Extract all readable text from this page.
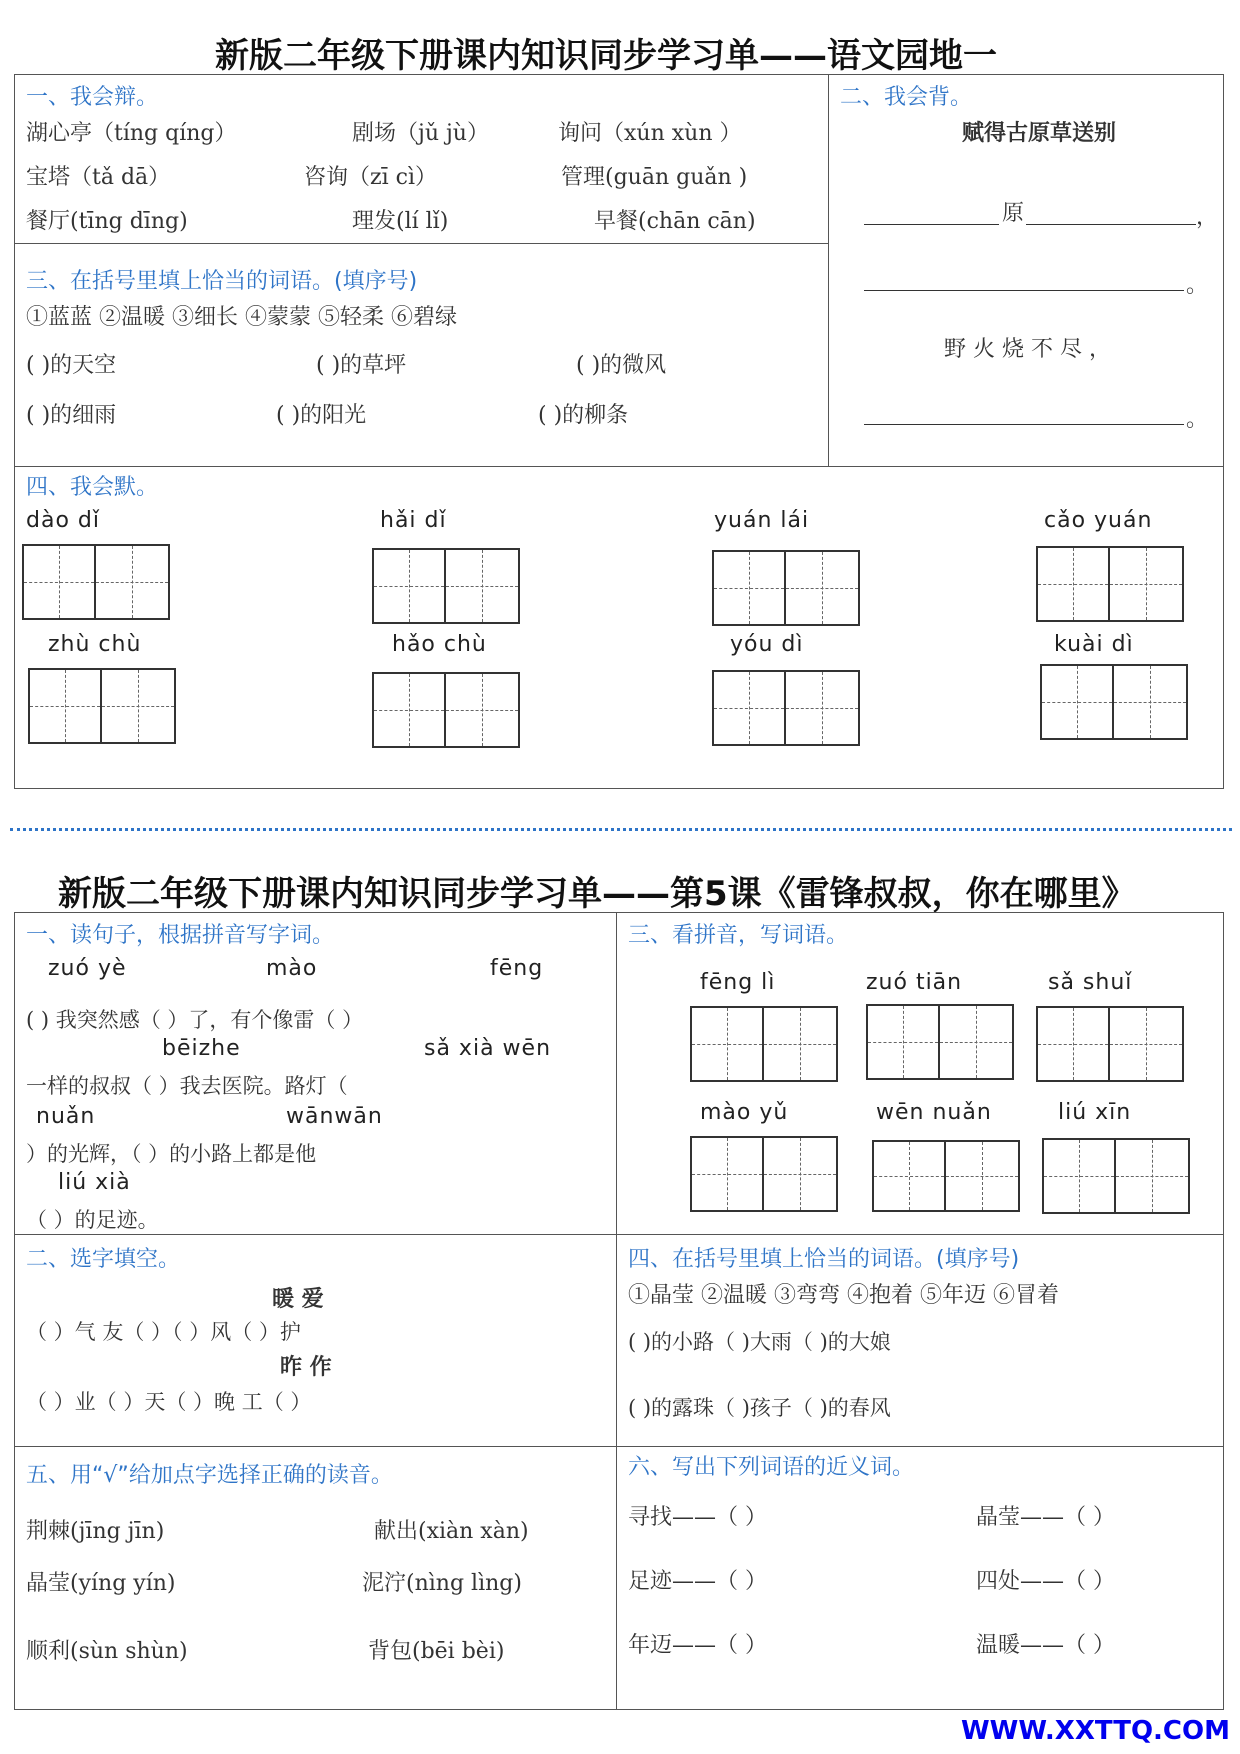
新版二年级下册课内知识同步学习单——语文园地一
一、我会辩。
湖心亭（tíng qíng）	剧场（jǔ jù）	询问（xún xùn ）
宝塔（tǎ dā）	咨询（zī cì）	管理(guān guǎn )
餐厅(tīng dīng)	理发(lí lǐ)	早餐(chān cān)
二、我会背。
赋得古原草送别
原	，
。
野 火 烧 不 尽 ，
。
三、在括号里填上恰当的词语。(填序号)
①蓝蓝 ②温暖 ③细长 ④蒙蒙 ⑤轻柔 ⑥碧绿
( )的天空	( )的草坪	( )的微风
( )的细雨	( )的阳光	( )的柳条
四、我会默。
dào dǐ	hǎi dǐ	yuán lái	cǎo yuán
zhù chù	hǎo chù	yóu dì	kuài dì
新版二年级下册课内知识同步学习单——第5课《雷锋叔叔，你在哪里》
一、读句子，根据拼音写字词。
zuó yè	mào	fēng
( ) 我突然感（ ）了，有个像雷（ ）
bēizhe	sǎ xià wēn
一样的叔叔（ ）我去医院。路灯（
nuǎn	wānwān
）的光辉，（ ）的小路上都是他
liú xià
（ ）的足迹。
三、看拼音，写词语。
fēng lì	zuó tiān	sǎ shuǐ
mào yǔ	wēn nuǎn	liú xīn
二、选字填空。
暖 爱
（ ）气 友（ ）（ ）风（ ）护
昨 作
（ ）业（ ）天（ ）晚 工（ ）
四、在括号里填上恰当的词语。(填序号)
①晶莹 ②温暖 ③弯弯 ④抱着 ⑤年迈 ⑥冒着
( )的小路（ )大雨（ )的大娘
( )的露珠（ )孩子（ )的春风
五、用“√”给加点字选择正确的读音。
荆棘(jīng jīn)	献出(xiàn xàn)
晶莹(yíng yín)	泥泞(nìng lìng)
顺利(sùn shùn)	背包(bēi bèi)
六、写出下列词语的近义词。
寻找——（ ）	晶莹——（ ）
足迹——（ ）	四处——（ ）
年迈——（ ）	温暖——（ ）
WWW.XXTTQ.COM
